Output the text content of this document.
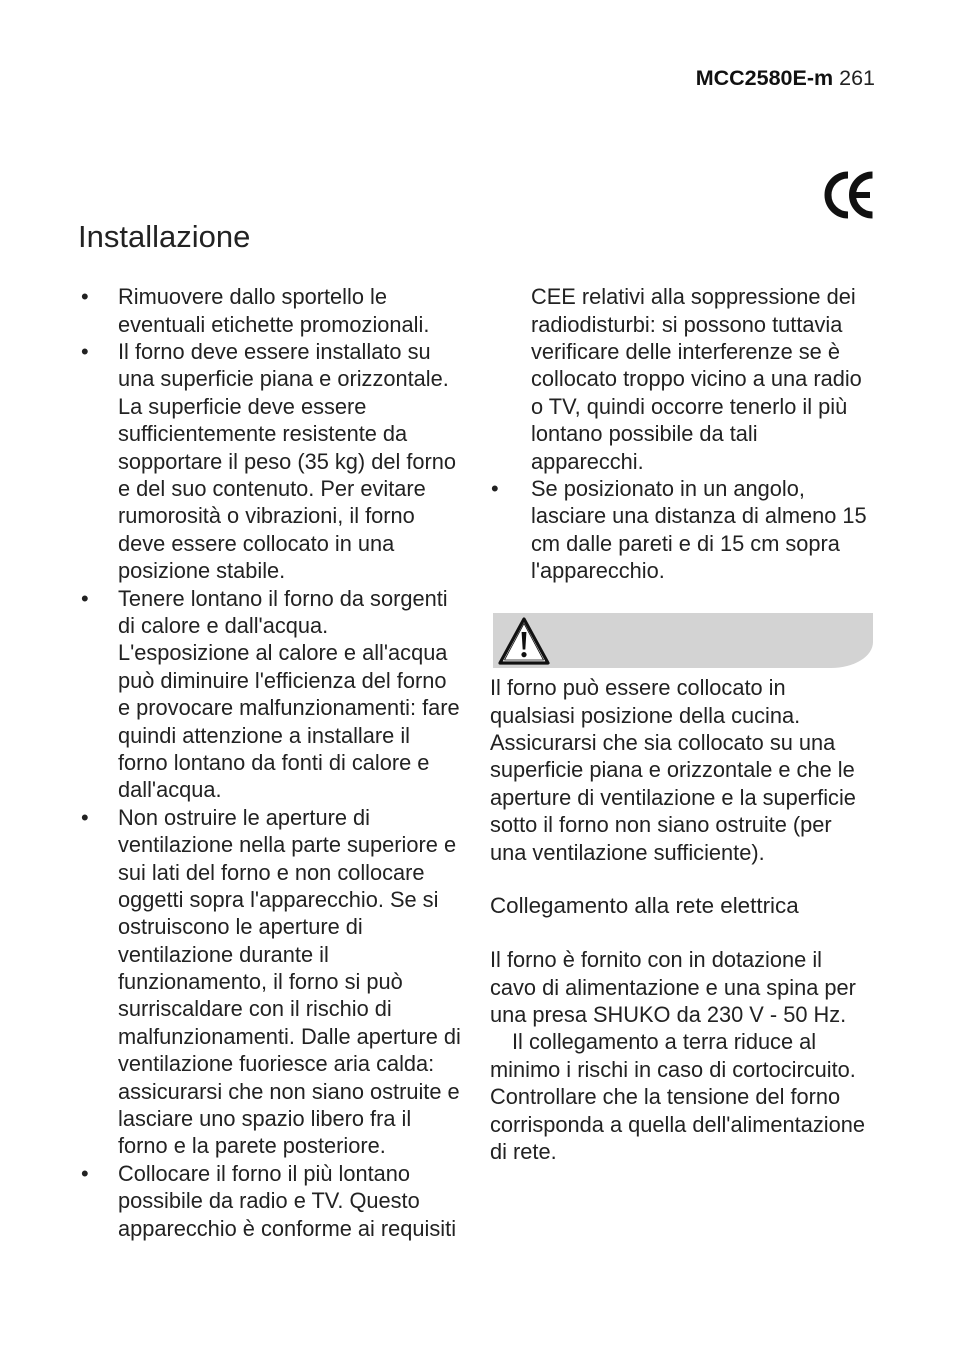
MCC2580E-m 261
Installazione
• Rimuovere dallo sportello le
eventuali etichette promozionali.
• Il forno deve essere installato su
una superficie piana e orizzontale.
La superficie deve essere
sufficientemente resistente da
sopportare il peso (35 kg) del forno
e del suo contenuto. Per evitare
rumorosità o vibrazioni, il forno
deve essere collocato in una
posizione stabile.
• Tenere lontano il forno da sorgenti
di calore e dall'acqua.
L'esposizione al calore e all'acqua
può diminuire l'efficienza del forno
e provocare malfunzionamenti: fare
quindi attenzione a installare il
forno lontano da fonti di calore e
dall'acqua.
• Non ostruire le aperture di
ventilazione nella parte superiore e
sui lati del forno e non collocare
oggetti sopra l'apparecchio. Se si
ostruiscono le aperture di
ventilazione durante il
funzionamento, il forno si può
surriscaldare con il rischio di
malfunzionamenti. Dalle aperture di
ventilazione fuoriesce aria calda:
assicurarsi che non siano ostruite e
lasciare uno spazio libero fra il
forno e la parete posteriore.
• Collocare il forno il più lontano
possibile da radio e TV. Questo
apparecchio è conforme ai requisiti
CEE relativi alla soppressione dei
radiodisturbi: si possono tuttavia
verificare delle interferenze se è
collocato troppo vicino a una radio
o TV, quindi occorre tenerlo il più
lontano possibile da tali
apparecchi.
• Se posizionato in un angolo,
lasciare una distanza di almeno 15
cm dalle pareti e di 15 cm sopra
l'apparecchio.
Il forno può essere collocato in
qualsiasi posizione della cucina.
Assicurarsi che sia collocato su una
superficie piana e orizzontale e che le
aperture di ventilazione e la superficie
sotto il forno non siano ostruite (per
una ventilazione sufficiente).
Collegamento alla rete elettrica
Il forno è fornito con in dotazione il
cavo di alimentazione e una spina per
una presa SHUKO da 230 V - 50 Hz.
Il collegamento a terra riduce al
minimo i rischi in caso di cortocircuito.
Controllare che la tensione del forno
corrisponda a quella dell'alimentazione
di rete.
